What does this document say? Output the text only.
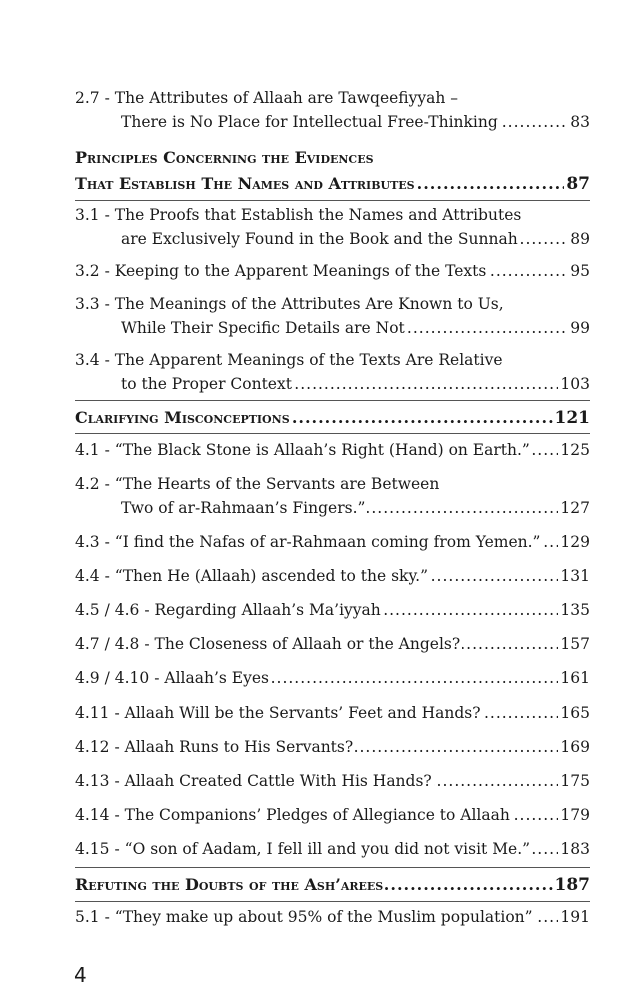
2.7 - The Attributes of Allaah are Tawqeefiyyah –
There is No Place for Intellectual Free-Thinking	83
.....
Principles Concerning the Evidences
That Establish The Names and Attributes	87
.....
3.1 - The Proofs that Establish the Names and Attributes
are Exclusively Found in the Book and the Sunnah	89
.....
3.2 - Keeping to the Apparent Meanings of the Texts	95
.....
3.3 - The Meanings of the Attributes Are Known to Us,
While Their Specific Details are Not	99
.....
3.4 - The Apparent Meanings of the Texts Are Relative
to the Proper Context	103
.....
Clarifying Misconceptions	121
.....
4.1 - “The Black Stone is Allaah’s Right (Hand) on Earth.” 125
.....
4.2 - “The Hearts of the Servants are Between
Two of ar-Rahmaan’s Fingers.”	127
.....
4.3 - “I find the Nafas of ar-Rahmaan coming from Yemen.” 129
.....
4.4 - “Then He (Allaah) ascended to the sky.”	131
.....
4.5 / 4.6 - Regarding Allaah’s Ma’iyyah	135
.....
4.7 / 4.8 - The Closeness of Allaah or the Angels?	157
.....
4.9 / 4.10 - Allaah’s Eyes	161
.....
4.11 - Allaah Will be the Servants’ Feet and Hands?	165
.....
4.12 - Allaah Runs to His Servants?	169
.....
4.13 - Allaah Created Cattle With His Hands?	175
.....
4.14 - The Companions’ Pledges of Allegiance to Allaah	179
.....
4.15 - “O son of Aadam, I fell ill and you did not visit Me.” 183
.....
Refuting the Doubts of the Ash’arees	187
.....
5.1 - “They make up about 95% of the Muslim population” 191
.....
4
